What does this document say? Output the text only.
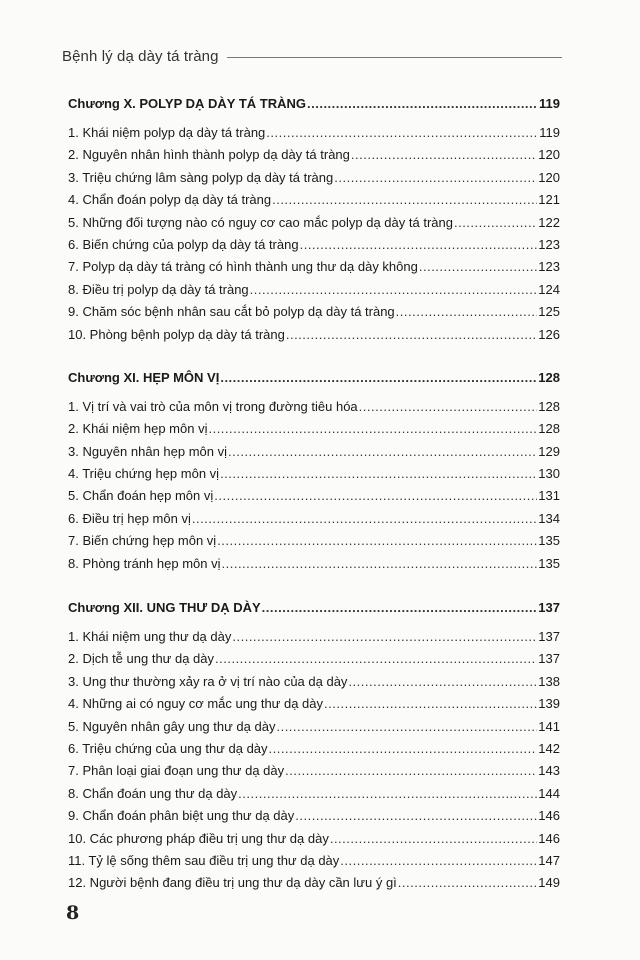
Bệnh lý dạ dày tá tràng
Chương X. POLYP DẠ DÀY TÁ TRÀNG .....	119
1. Khái niệm polyp dạ dày tá tràng .....	119
2. Nguyên nhân hình thành polyp dạ dày tá tràng .....	120
3. Triệu chứng lâm sàng polyp dạ dày tá tràng .....	120
4. Chẩn đoán polyp dạ dày tá tràng .....	121
5. Những đối tượng nào có nguy cơ cao mắc polyp dạ dày tá tràng .....	122
6. Biến chứng của polyp dạ dày tá tràng .....	123
7. Polyp dạ dày tá tràng có hình thành ung thư dạ dày không .....	123
8. Điều trị polyp dạ dày tá tràng .....	124
9. Chăm sóc bệnh nhân sau cắt bỏ polyp dạ dày tá tràng .....	125
10. Phòng bệnh polyp dạ dày tá tràng .....	126
Chương XI. HẸP MÔN VỊ .....	128
1. Vị trí và vai trò của môn vị trong đường tiêu hóa .....	128
2. Khái niệm hẹp môn vị .....	128
3. Nguyên nhân hẹp môn vị .....	129
4. Triệu chứng hẹp môn vị .....	130
5. Chẩn đoán hẹp môn vị .....	131
6. Điều trị hẹp môn vị .....	134
7. Biến chứng hẹp môn vị .....	135
8. Phòng tránh hẹp môn vị .....	135
Chương XII. UNG THƯ DẠ DÀY .....	137
1. Khái niệm ung thư dạ dày .....	137
2. Dịch tễ ung thư dạ dày .....	137
3. Ung thư thường xảy ra ở vị trí nào của dạ dày .....	138
4. Những ai có nguy cơ mắc ung thư dạ dày .....	139
5. Nguyên nhân gây ung thư dạ dày .....	141
6. Triệu chứng của ung thư dạ dày .....	142
7. Phân loại giai đoạn ung thư dạ dày .....	143
8. Chẩn đoán ung thư dạ dày .....	144
9. Chẩn đoán phân biệt ung thư dạ dày .....	146
10. Các phương pháp điều trị ung thư dạ dày .....	146
11. Tỷ lệ sống thêm sau điều trị ung thư dạ dày .....	147
12. Người bệnh đang điều trị ung thư dạ dày cần lưu ý gì .....	149
8
